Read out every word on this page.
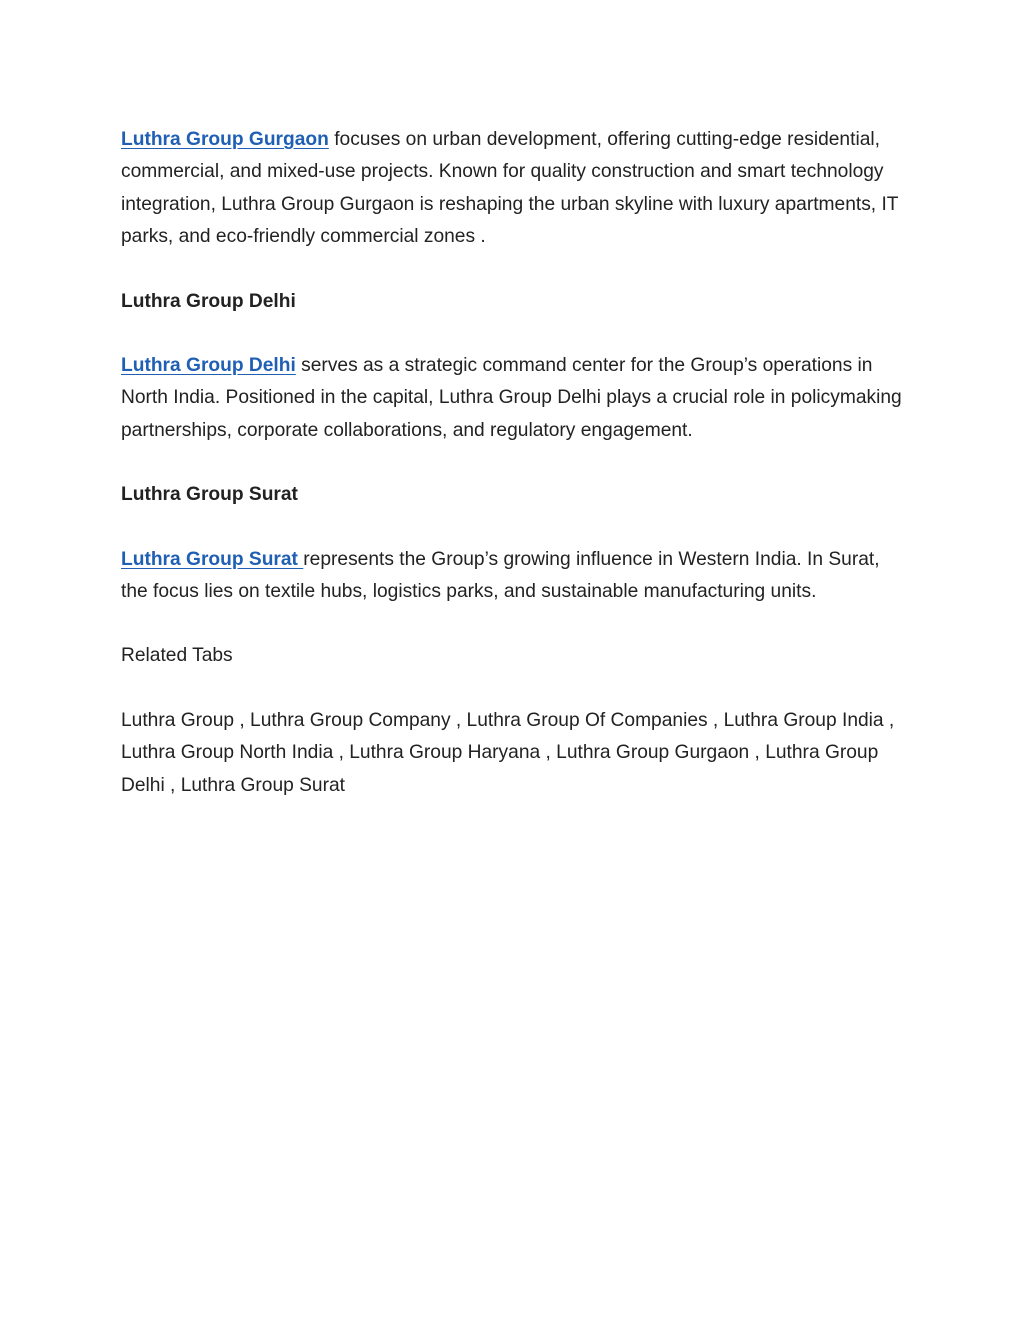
Luthra Group Gurgaon focuses on urban development, offering cutting-edge residential, commercial, and mixed-use projects. Known for quality construction and smart technology integration, Luthra Group Gurgaon is reshaping the urban skyline with luxury apartments, IT parks, and eco-friendly commercial zones .

Luthra Group Delhi

Luthra Group Delhi serves as a strategic command center for the Group’s operations in North India. Positioned in the capital, Luthra Group Delhi plays a crucial role in policymaking partnerships, corporate collaborations, and regulatory engagement.

Luthra Group Surat

Luthra Group Surat represents the Group’s growing influence in Western India. In Surat, the focus lies on textile hubs, logistics parks, and sustainable manufacturing units.

Related Tabs

Luthra Group , Luthra Group Company , Luthra Group Of Companies , Luthra Group India , Luthra Group North India , Luthra Group Haryana , Luthra Group Gurgaon , Luthra Group Delhi , Luthra Group Surat
